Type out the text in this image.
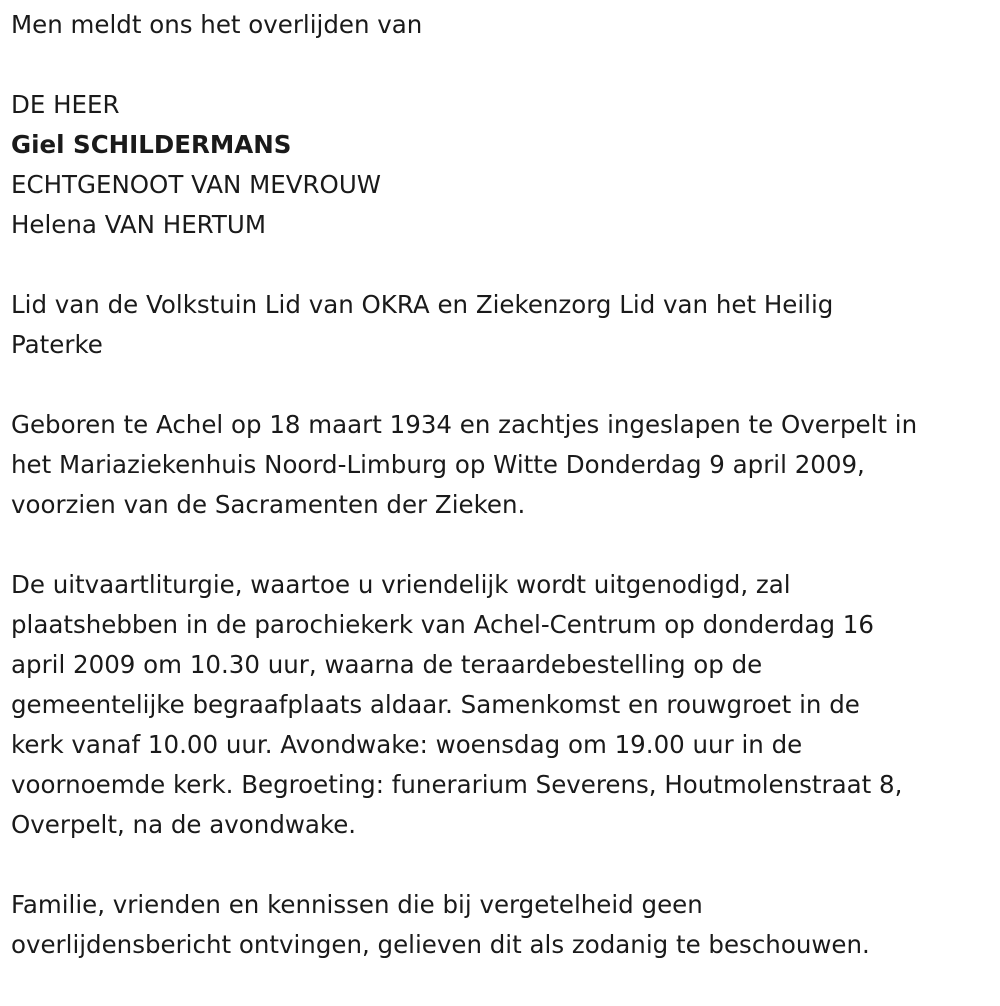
Men meldt ons het overlijden van

DE HEER

Giel SCHILDERMANS

ECHTGENOOT VAN MEVROUW

Helena VAN HERTUM

Lid van de Volkstuin Lid van OKRA en Ziekenzorg Lid van het Heilig

Paterke

Geboren te Achel op 18 maart 1934 en zachtjes ingeslapen te Overpelt in

het Mariaziekenhuis Noord-Limburg op Witte Donderdag 9 april 2009,

voorzien van de Sacramenten der Zieken.

De uitvaartliturgie, waartoe u vriendelijk wordt uitgenodigd, zal

plaatshebben in de parochiekerk van Achel-Centrum op donderdag 16

april 2009 om 10.30 uur, waarna de teraardebestelling op de

gemeentelijke begraafplaats aldaar. Samenkomst en rouwgroet in de

kerk vanaf 10.00 uur. Avondwake: woensdag om 19.00 uur in de

voornoemde kerk. Begroeting: funerarium Severens, Houtmolenstraat 8,

Overpelt, na de avondwake.

Familie, vrienden en kennissen die bij vergetelheid geen

overlijdensbericht ontvingen, gelieven dit als zodanig te beschouwen.
